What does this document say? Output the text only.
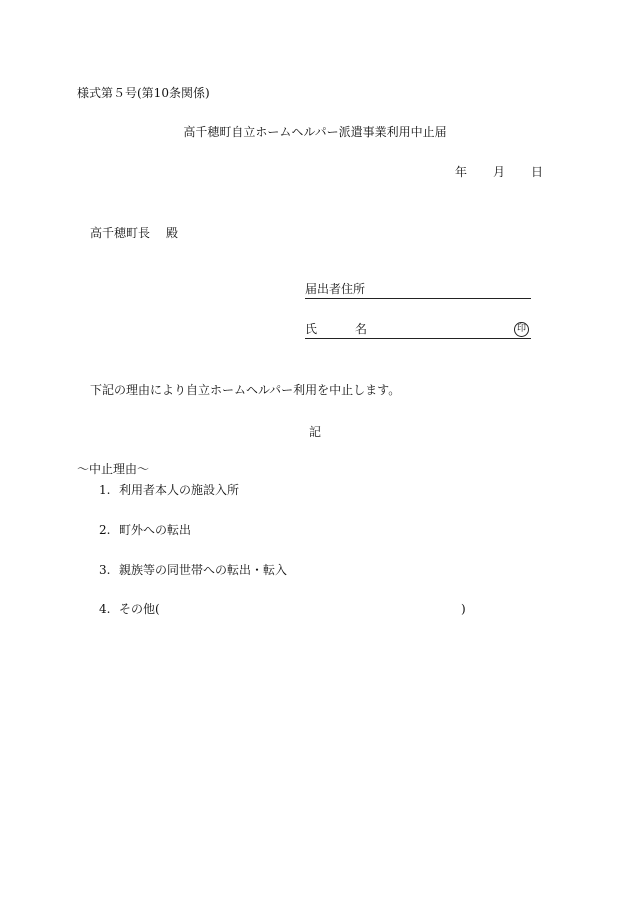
様式第５号(第10条関係)
高千穂町自立ホームヘルパー派遣事業利用中止届
年 月 日
高千穂町長 殿
届出者住所
氏	名	印
下記の理由により自立ホームヘルパー利用を中止します。
記
～中止理由～
1. 利用者本人の施設入所
2. 町外への転出
3. 親族等の同世帯への転出・転入
4. その他(	)
